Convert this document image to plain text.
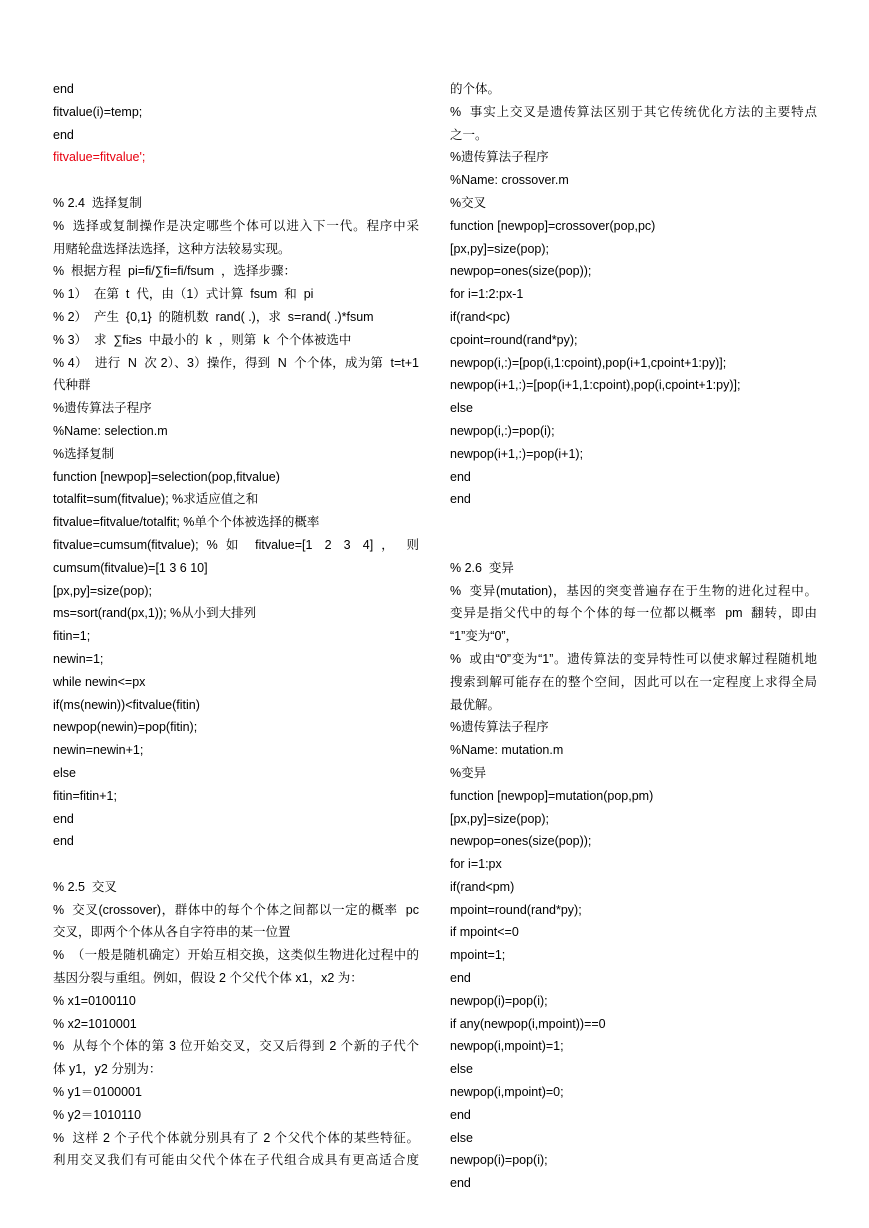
end
fitvalue(i)=temp;
end
fitvalue=fitvalue';
% 2.4  选择复制
%  选择或复制操作是决定哪些个体可以进入下一代。程序中采
用赌轮盘选择法选择，这种方法较易实现。
%  根据方程  pi=fi/∑fi=fi/fsum  ，选择步骤：
% 1）  在第  t  代，由（1）式计算  fsum  和  pi
% 2）  产生  {0,1}  的随机数  rand( .)，求  s=rand( .)*fsum
% 3）  求  ∑fi≥s  中最小的  k  ，则第  k  个个体被选中
% 4）  进行  N  次 2）、3）操作，得到  N  个个体，成为第  t=t+1
代种群
%遗传算法子程序
%Name: selection.m
%选择复制
function [newpop]=selection(pop,fitvalue)
totalfit=sum(fitvalue); %求适应值之和
fitvalue=fitvalue/totalfit; %单个个体被选择的概率
fitvalue=cumsum(fitvalue);  %  如    fitvalue=[1   2   3   4]  ，   则
cumsum(fitvalue)=[1 3 6 10]
[px,py]=size(pop);
ms=sort(rand(px,1)); %从小到大排列
fitin=1;
newin=1;
while newin<=px
if(ms(newin))<fitvalue(fitin)
newpop(newin)=pop(fitin);
newin=newin+1;
else
fitin=fitin+1;
end
end
% 2.5  交叉
%  交叉(crossover)，群体中的每个个体之间都以一定的概率  pc
交叉，即两个个体从各自字符串的某一位置
%  （一般是随机确定）开始互相交换，这类似生物进化过程中的
基因分裂与重组。例如，假设 2 个父代个体 x1，x2 为：
% x1=0100110
% x2=1010001
%  从每个个体的第 3 位开始交叉，交又后得到 2 个新的子代个
体 y1，y2 分别为：
% y1＝0100001
% y2＝1010110
%  这样 2 个子代个体就分别具有了 2 个父代个体的某些特征。
利用交叉我们有可能由父代个体在子代组合成具有更高适合度
的个体。
%  事实上交叉是遗传算法区别于其它传统优化方法的主要特点
之一。
%遗传算法子程序
%Name: crossover.m
%交叉
function [newpop]=crossover(pop,pc)
[px,py]=size(pop);
newpop=ones(size(pop));
for i=1:2:px-1
if(rand<pc)
cpoint=round(rand*py);
newpop(i,:)=[pop(i,1:cpoint),pop(i+1,cpoint+1:py)];
newpop(i+1,:)=[pop(i+1,1:cpoint),pop(i,cpoint+1:py)];
else
newpop(i,:)=pop(i);
newpop(i+1,:)=pop(i+1);
end
end
% 2.6  变异
%  变异(mutation)，基因的突变普遍存在于生物的进化过程中。
变异是指父代中的每个个体的每一位都以概率  pm  翻转，即由
“1”变为“0”，
%  或由“0”变为“1”。遗传算法的变异特性可以使求解过程随机地
搜索到解可能存在的整个空间，因此可以在一定程度上求得全局
最优解。
%遗传算法子程序
%Name: mutation.m
%变异
function [newpop]=mutation(pop,pm)
[px,py]=size(pop);
newpop=ones(size(pop));
for i=1:px
if(rand<pm)
mpoint=round(rand*py);
if mpoint<=0
mpoint=1;
end
newpop(i)=pop(i);
if any(newpop(i,mpoint))==0
newpop(i,mpoint)=1;
else
newpop(i,mpoint)=0;
end
else
newpop(i)=pop(i);
end
